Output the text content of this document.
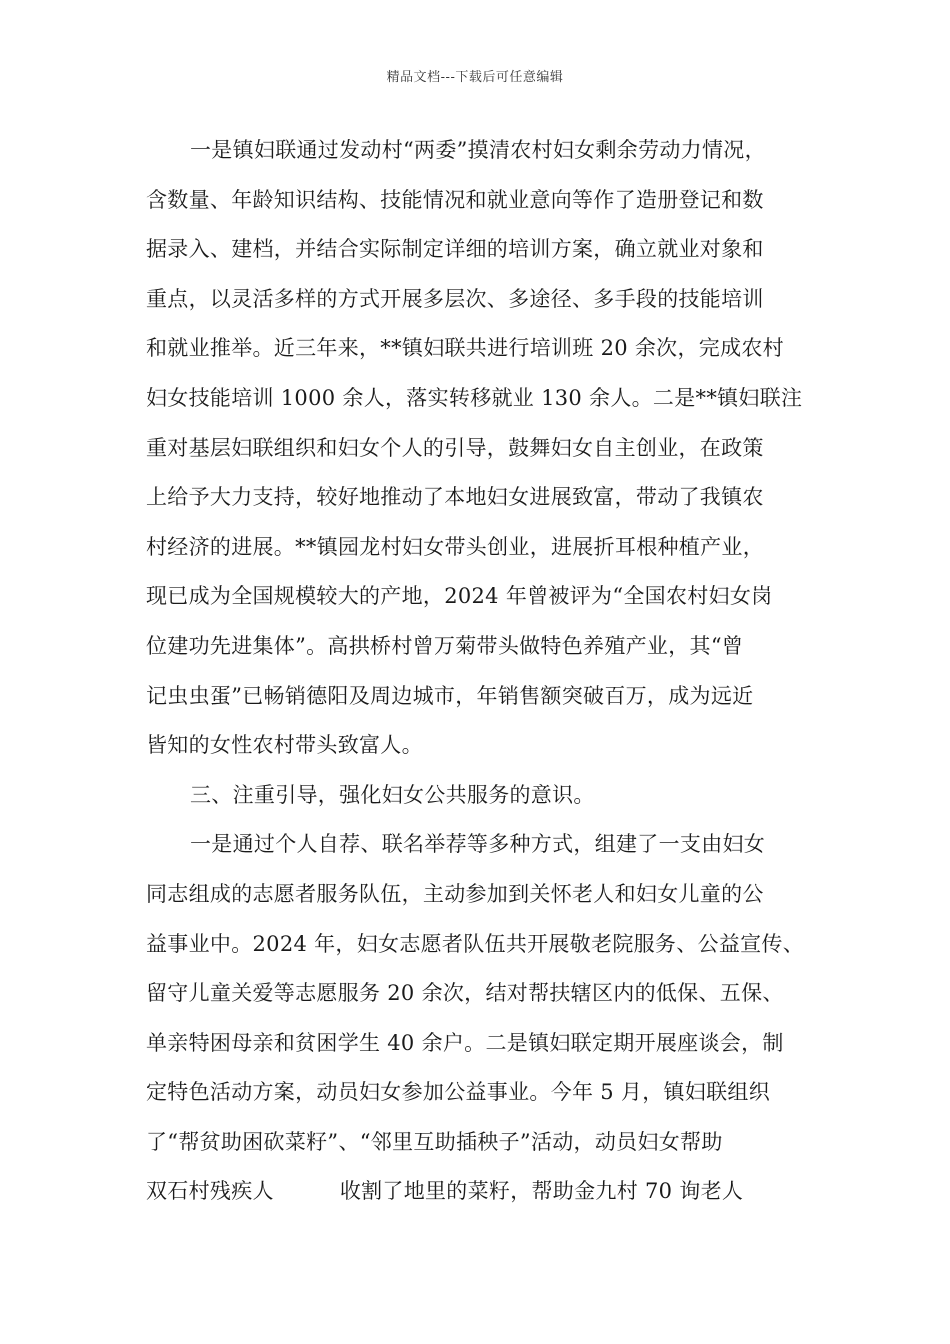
精品文档---下载后可任意编辑
一是镇妇联通过发动村“两委”摸清农村妇女剩余劳动力情况，
含数量、年龄知识结构、技能情况和就业意向等作了造册登记和数
据录入、建档，并结合实际制定详细的培训方案，确立就业对象和
重点，以灵活多样的方式开展多层次、多途径、多手段的技能培训
和就业推举。近三年来，**镇妇联共进行培训班 20 余次，完成农村
妇女技能培训 1000 余人，落实转移就业 130 余人。二是**镇妇联注
重对基层妇联组织和妇女个人的引导，鼓舞妇女自主创业，在政策
上给予大力支持，较好地推动了本地妇女进展致富，带动了我镇农
村经济的进展。**镇园龙村妇女带头创业，进展折耳根种植产业，
现已成为全国规模较大的产地，2024 年曾被评为“全国农村妇女岗
位建功先进集体”。高拱桥村曾万菊带头做特色养殖产业，其“曾
记虫虫蛋”已畅销德阳及周边城市，年销售额突破百万，成为远近
皆知的女性农村带头致富人。
三、注重引导，强化妇女公共服务的意识。
一是通过个人自荐、联名举荐等多种方式，组建了一支由妇女
同志组成的志愿者服务队伍，主动参加到关怀老人和妇女儿童的公
益事业中。2024 年，妇女志愿者队伍共开展敬老院服务、公益宣传、
留守儿童关爱等志愿服务 20 余次，结对帮扶辖区内的低保、五保、
单亲特困母亲和贫困学生 40 余户。二是镇妇联定期开展座谈会，制
定特色活动方案，动员妇女参加公益事业。今年 5 月，镇妇联组织
了“帮贫助困砍菜籽”、“邻里互助插秧子”活动，动员妇女帮助
双石村残疾人	收割了地里的菜籽，帮助金九村 70 询老人
